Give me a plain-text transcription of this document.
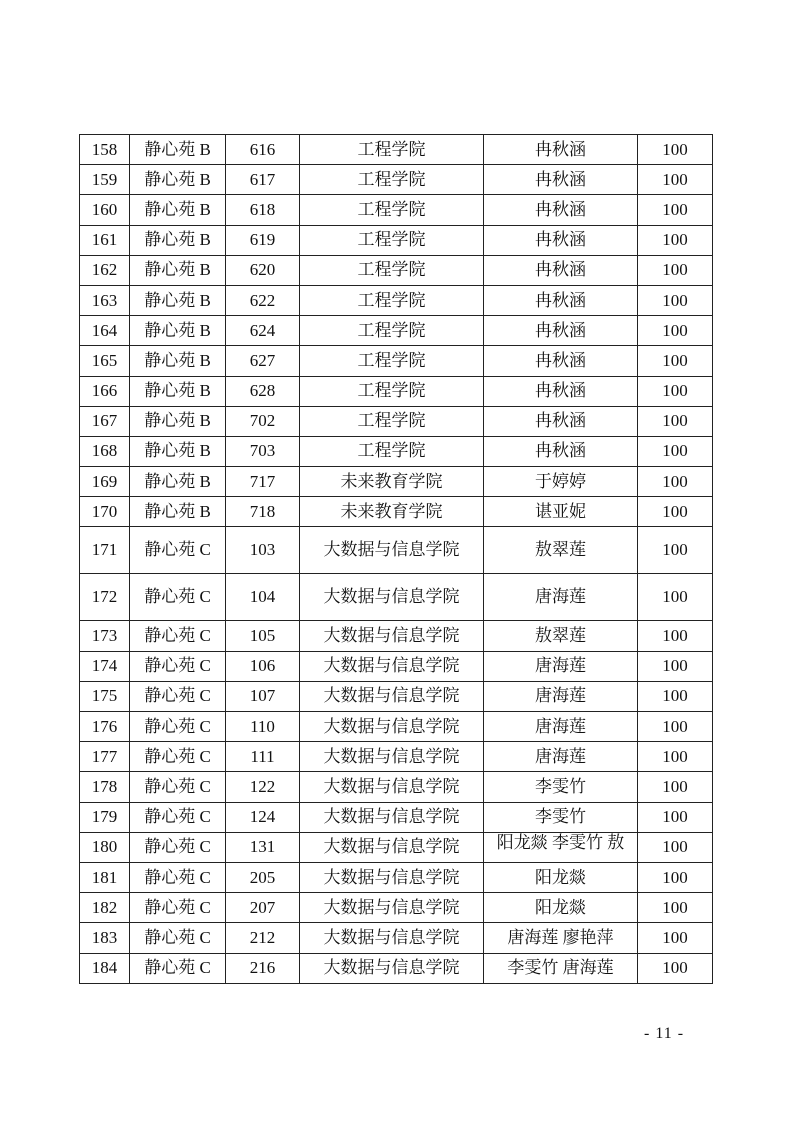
158	静心苑 B	616	工程学院	冉秋涵	100
159	静心苑 B	617	工程学院	冉秋涵	100
160	静心苑 B	618	工程学院	冉秋涵	100
161	静心苑 B	619	工程学院	冉秋涵	100
162	静心苑 B	620	工程学院	冉秋涵	100
163	静心苑 B	622	工程学院	冉秋涵	100
164	静心苑 B	624	工程学院	冉秋涵	100
165	静心苑 B	627	工程学院	冉秋涵	100
166	静心苑 B	628	工程学院	冉秋涵	100
167	静心苑 B	702	工程学院	冉秋涵	100
168	静心苑 B	703	工程学院	冉秋涵	100
169	静心苑 B	717	未来教育学院	于婷婷	100
170	静心苑 B	718	未来教育学院	谌亚妮	100
171	静心苑 C	103	大数据与信息学院	敖翠莲	100
172	静心苑 C	104	大数据与信息学院	唐海莲	100
173	静心苑 C	105	大数据与信息学院	敖翠莲	100
174	静心苑 C	106	大数据与信息学院	唐海莲	100
175	静心苑 C	107	大数据与信息学院	唐海莲	100
176	静心苑 C	110	大数据与信息学院	唐海莲	100
177	静心苑 C	111	大数据与信息学院	唐海莲	100
178	静心苑 C	122	大数据与信息学院	李雯竹	100
179	静心苑 C	124	大数据与信息学院	李雯竹	100
180	静心苑 C	131	大数据与信息学院	阳龙燚 李雯竹 敖	100
181	静心苑 C	205	大数据与信息学院	阳龙燚	100
182	静心苑 C	207	大数据与信息学院	阳龙燚	100
183	静心苑 C	212	大数据与信息学院	唐海莲 廖艳萍	100
184	静心苑 C	216	大数据与信息学院	李雯竹 唐海莲	100
- 11 -
